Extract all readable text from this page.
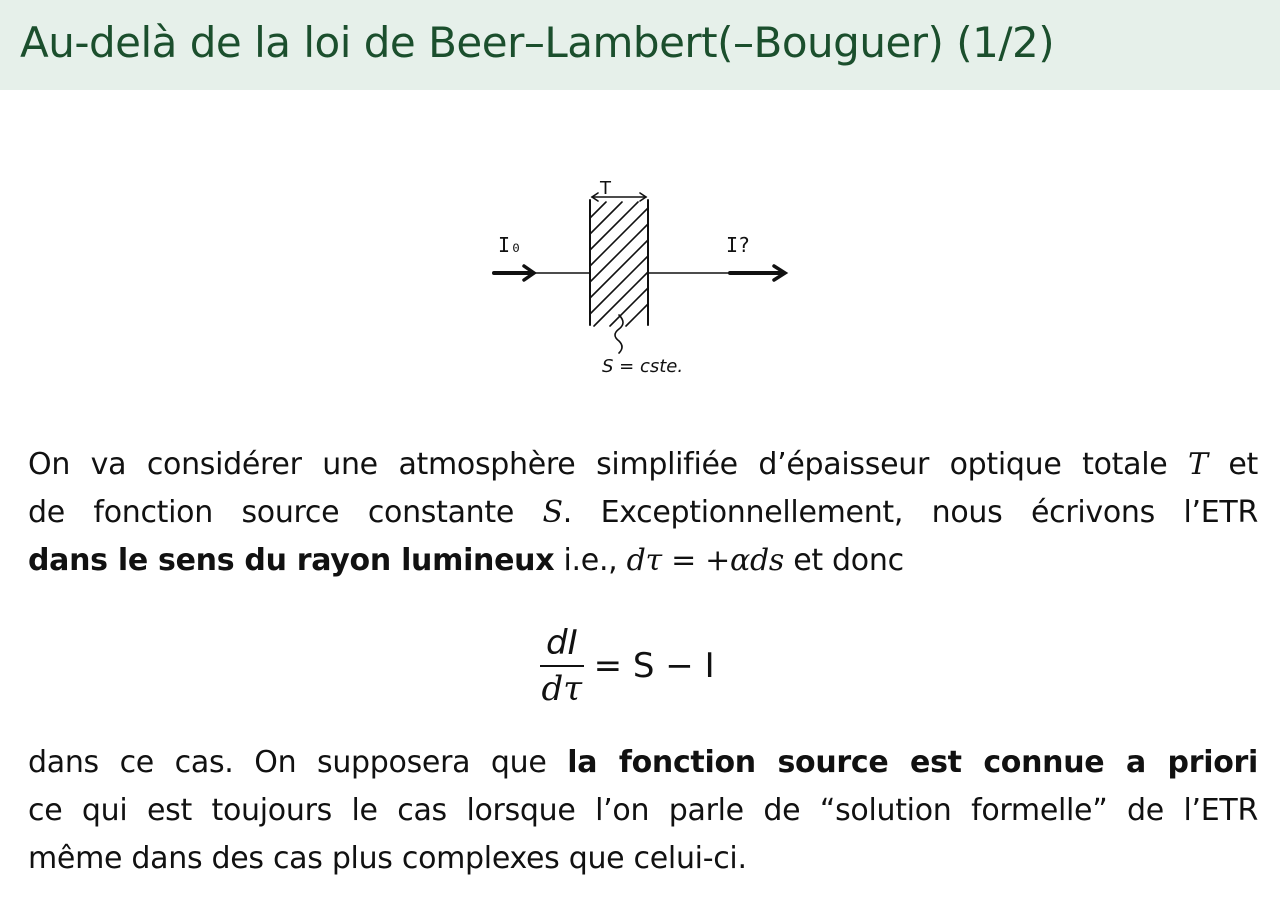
Au-delà de la loi de Beer–Lambert(–Bouguer) (1/2)
T
I₀	I?
S = cste.
On va considérer une atmosphère simplifiée d’épaisseur optique totale T et
de fonction source constante S. Exceptionnellement, nous écrivons l’ETR
dans le sens du rayon lumineux i.e., dτ = +αds et donc
$\frac{dI}{d\tau} = S - I$
dans ce cas. On supposera que la fonction source est connue a priori
ce qui est toujours le cas lorsque l’on parle de “solution formelle” de l’ETR
même dans des cas plus complexes que celui-ci.
